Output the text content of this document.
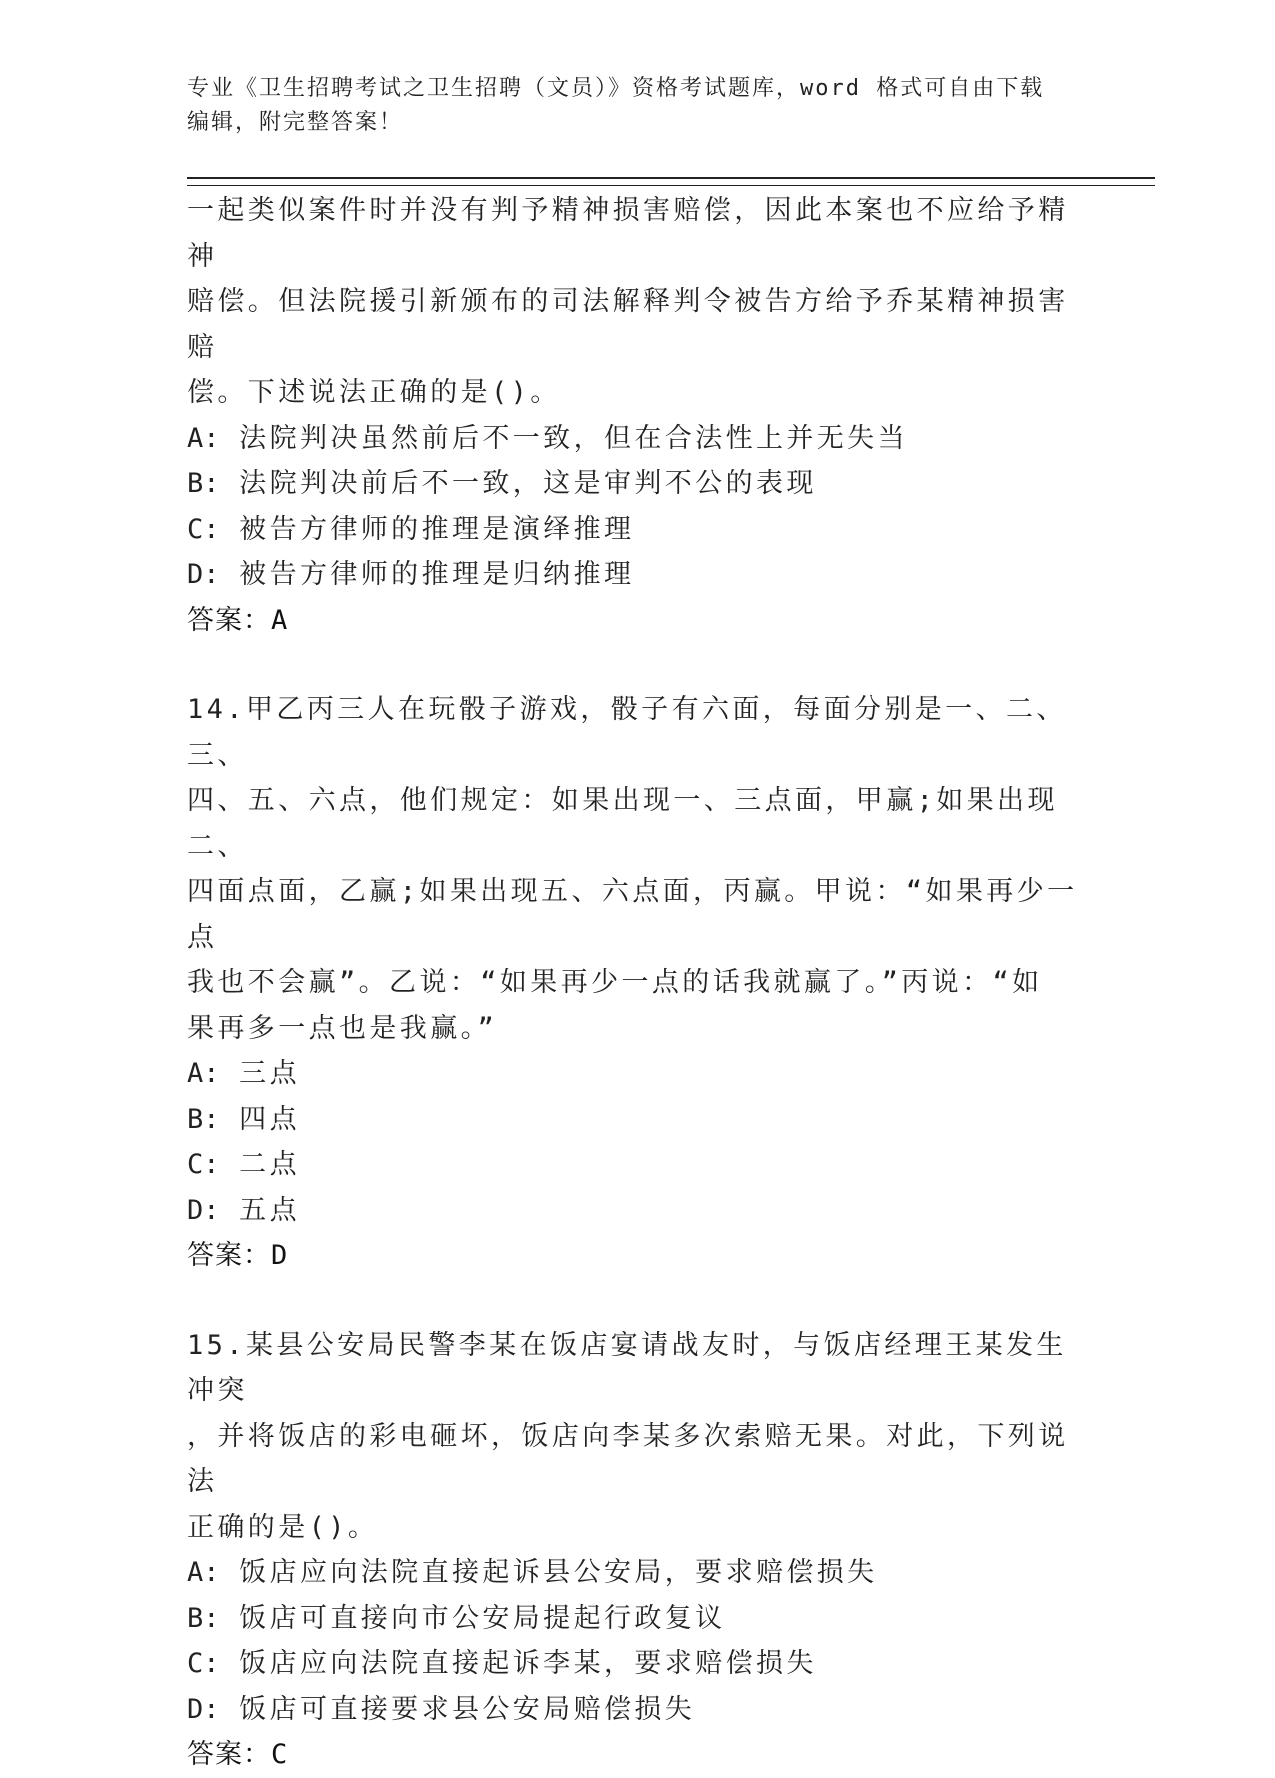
专业《卫生招聘考试之卫生招聘（文员）》资格考试题库，word 格式可自由下载
编辑，附完整答案！
一起类似案件时并没有判予精神损害赔偿，因此本案也不应给予精神
赔偿。但法院援引新颁布的司法解释判令被告方给予乔某精神损害赔
偿。下述说法正确的是()。
A: 法院判决虽然前后不一致，但在合法性上并无失当
B: 法院判决前后不一致，这是审判不公的表现
C: 被告方律师的推理是演绎推理
D: 被告方律师的推理是归纳推理
答案：A
14.甲乙丙三人在玩骰子游戏，骰子有六面，每面分别是一、二、三、
四、五、六点，他们规定：如果出现一、三点面，甲赢;如果出现二、
四面点面，乙赢;如果出现五、六点面，丙赢。甲说：“如果再少一点
我也不会赢”。乙说：“如果再少一点的话我就赢了。”丙说：“如
果再多一点也是我赢。”
A: 三点
B: 四点
C: 二点
D: 五点
答案：D
15.某县公安局民警李某在饭店宴请战友时，与饭店经理王某发生冲突
，并将饭店的彩电砸坏，饭店向李某多次索赔无果。对此，下列说法
正确的是()。
A: 饭店应向法院直接起诉县公安局，要求赔偿损失
B: 饭店可直接向市公安局提起行政复议
C: 饭店应向法院直接起诉李某，要求赔偿损失
D: 饭店可直接要求县公安局赔偿损失
答案：C
